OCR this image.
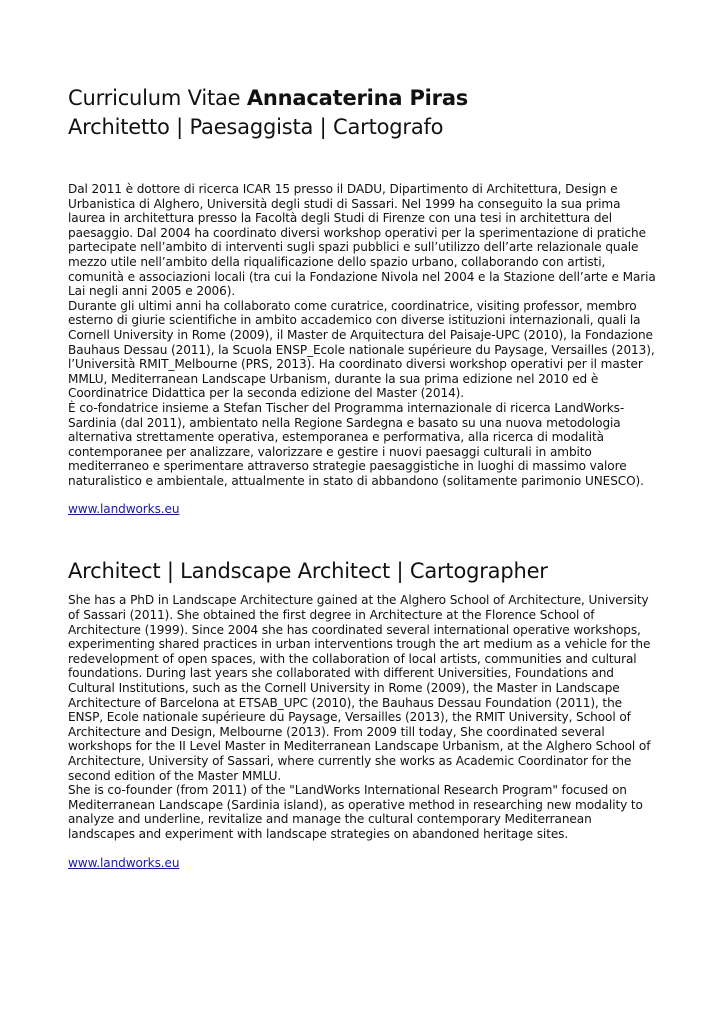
Curriculum Vitae Annacaterina Piras
Architetto | Paesaggista | Cartografo

Dal 2011 è dottore di ricerca ICAR 15 presso il DADU, Dipartimento di Architettura, Design e Urbanistica di Alghero, Università degli studi di Sassari. Nel 1999 ha conseguito la sua prima laurea in architettura presso la Facoltà degli Studi di Firenze con una tesi in architettura del paesaggio. Dal 2004 ha coordinato diversi workshop operativi per la sperimentazione di pratiche partecipate nell’ambito di interventi sugli spazi pubblici e sull’utilizzo dell’arte relazionale quale mezzo utile nell’ambito della riqualificazione dello spazio urbano, collaborando con artisti, comunità e associazioni locali (tra cui la Fondazione Nivola nel 2004 e la Stazione dell’arte e Maria Lai negli anni 2005 e 2006).

Durante gli ultimi anni ha collaborato come curatrice, coordinatrice, visiting professor, membro esterno di giurie scientifiche in ambito accademico con diverse istituzioni internazionali, quali la Cornell University in Rome (2009), il Master de Arquitectura del Paisaje-UPC (2010), la Fondazione Bauhaus Dessau (2011), la Scuola ENSP_Ecole nationale supérieure du Paysage, Versailles (2013), l’Università RMIT_Melbourne (PRS, 2013). Ha coordinato diversi workshop operativi per il master MMLU, Mediterranean Landscape Urbanism, durante la sua prima edizione nel 2010 ed è Coordinatrice Didattica per la seconda edizione del Master (2014).

È co-fondatrice insieme a Stefan Tischer del Programma internazionale di ricerca LandWorks-Sardinia (dal 2011), ambientato nella Regione Sardegna e basato su una nuova metodologia alternativa strettamente operativa, estemporanea e performativa, alla ricerca di modalità contemporanee per analizzare, valorizzare e gestire i nuovi paesaggi culturali in ambito mediterraneo e sperimentare attraverso strategie paesaggistiche in luoghi di massimo valore naturalistico e ambientale, attualmente in stato di abbandono (solitamente parimonio UNESCO).

www.landworks.eu
Architect | Landscape Architect | Cartographer

She has a PhD in Landscape Architecture gained at the Alghero School of Architecture, University of Sassari (2011). She obtained the first degree in Architecture at the Florence School of Architecture (1999). Since 2004 she has coordinated several international operative workshops, experimenting shared practices in urban interventions trough the art medium as a vehicle for the redevelopment of open spaces, with the collaboration of local artists, communities and cultural foundations. During last years she collaborated with different Universities, Foundations and Cultural Institutions, such as the Cornell University in Rome (2009), the Master in Landscape Architecture of Barcelona at ETSAB_UPC (2010), the Bauhaus Dessau Foundation (2011), the ENSP, Ecole nationale supérieure du Paysage, Versailles (2013), the RMIT University, School of Architecture and Design, Melbourne (2013). From 2009 till today, She coordinated several workshops for the II Level Master in Mediterranean Landscape Urbanism, at the Alghero School of Architecture, University of Sassari, where currently she works as Academic Coordinator for the second edition of the Master MMLU.

She is co-founder (from 2011) of the "LandWorks International Research Program" focused on Mediterranean Landscape (Sardinia island), as operative method in researching new modality to analyze and underline, revitalize and manage the cultural contemporary Mediterranean landscapes and experiment with landscape strategies on abandoned heritage sites.

www.landworks.eu
